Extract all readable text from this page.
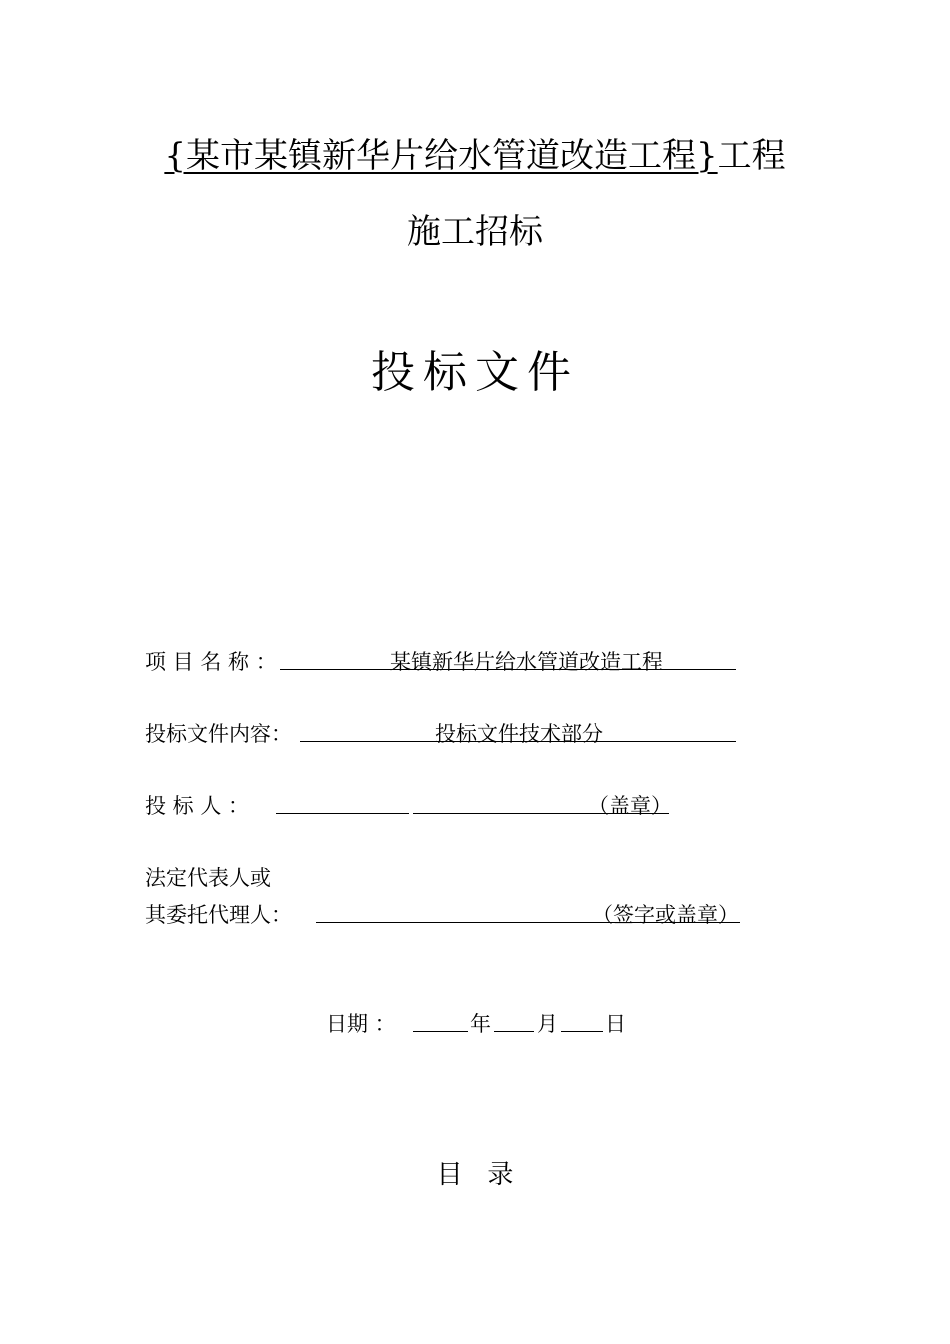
{某市某镇新华片给水管道改造工程}工程
施工招标
投标文件
项 目 名 称 ：	某镇新华片给水管道改造工程
投标文件内容：	投标文件技术部分
投 标 人 ：	（盖章）
法定代表人或
其委托代理人：	（签字或盖章）
日期 ：	年 月 日
目   录
